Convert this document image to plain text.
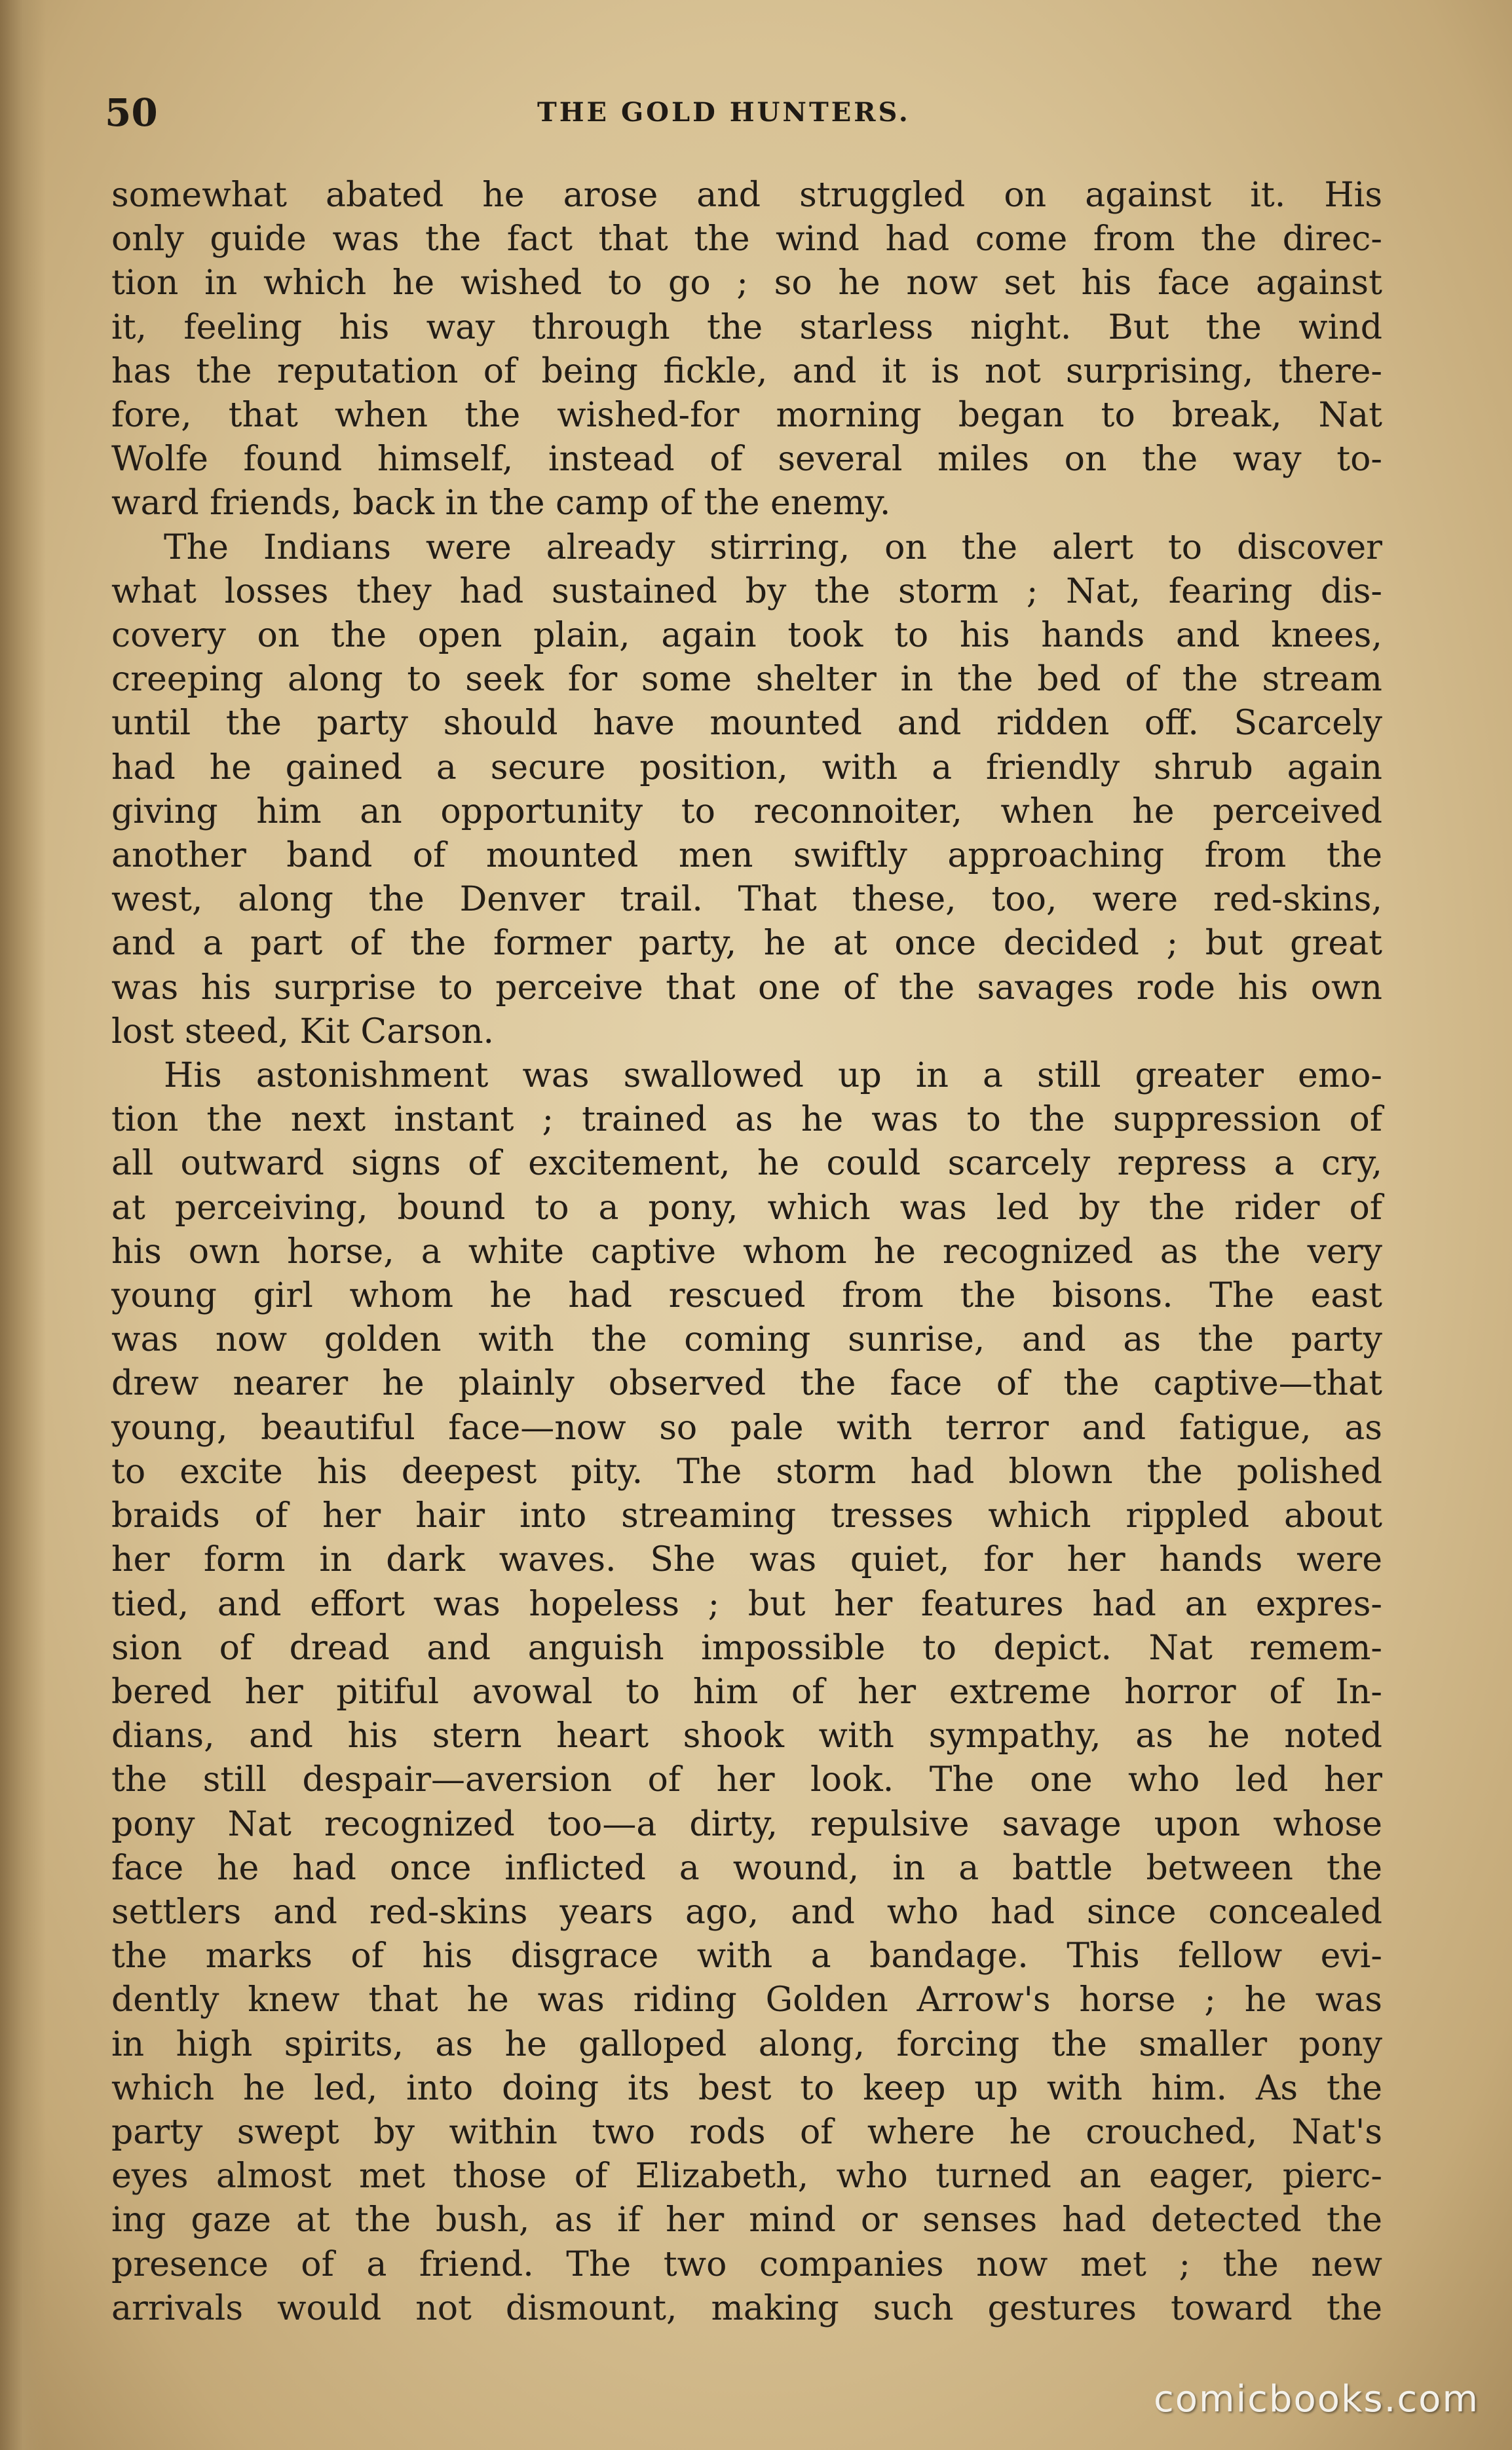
50	THE GOLD HUNTERS.

somewhat abated he arose and struggled on against it. His
only guide was the fact that the wind had come from the direc-
tion in which he wished to go ; so he now set his face against
it, feeling his way through the starless night. But the wind
has the reputation of being fickle, and it is not surprising, there-
fore, that when the wished-for morning began to break, Nat
Wolfe found himself, instead of several miles on the way to-
ward friends, back in the camp of the enemy.

The Indians were already stirring, on the alert to discover
what losses they had sustained by the storm ; Nat, fearing dis-
covery on the open plain, again took to his hands and knees,
creeping along to seek for some shelter in the bed of the stream
until the party should have mounted and ridden off. Scarcely
had he gained a secure position, with a friendly shrub again
giving him an opportunity to reconnoiter, when he perceived
another band of mounted men swiftly approaching from the
west, along the Denver trail. That these, too, were red-skins,
and a part of the former party, he at once decided ; but great
was his surprise to perceive that one of the savages rode his own
lost steed, Kit Carson.

His astonishment was swallowed up in a still greater emo-
tion the next instant ; trained as he was to the suppression of
all outward signs of excitement, he could scarcely repress a cry,
at perceiving, bound to a pony, which was led by the rider of
his own horse, a white captive whom he recognized as the very
young girl whom he had rescued from the bisons. The east
was now golden with the coming sunrise, and as the party
drew nearer he plainly observed the face of the captive—that
young, beautiful face—now so pale with terror and fatigue, as
to excite his deepest pity. The storm had blown the polished
braids of her hair into streaming tresses which rippled about
her form in dark waves. She was quiet, for her hands were
tied, and effort was hopeless ; but her features had an expres-
sion of dread and anguish impossible to depict. Nat remem-
bered her pitiful avowal to him of her extreme horror of In-
dians, and his stern heart shook with sympathy, as he noted
the still despair—aversion of her look. The one who led her
pony Nat recognized too—a dirty, repulsive savage upon whose
face he had once inflicted a wound, in a battle between the
settlers and red-skins years ago, and who had since concealed
the marks of his disgrace with a bandage. This fellow evi-
dently knew that he was riding Golden Arrow's horse ; he was
in high spirits, as he galloped along, forcing the smaller pony
which he led, into doing its best to keep up with him. As the
party swept by within two rods of where he crouched, Nat's
eyes almost met those of Elizabeth, who turned an eager, pierc-
ing gaze at the bush, as if her mind or senses had detected the
presence of a friend. The two companies now met ; the new
arrivals would not dismount, making such gestures toward the

comicbooks.com
